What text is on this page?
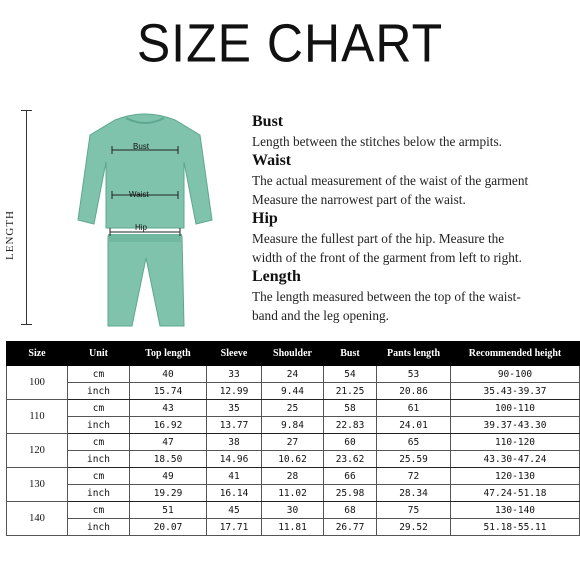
SIZE CHART
LENGTH
Bust
Waist
Hip
Bust
Length between the stitches below the armpits.
Waist
The actual measurement of the waist of the garment
Measure the narrowest part of the waist.
Hip
Measure the fullest part of the hip. Measure the
width of the front of the garment from left to right.
Length
The length measured between the top of the waist-
band and the leg opening.
Size	Unit	Top length	Sleeve	Shoulder	Bust	Pants length	Recommended height
100	cm	40	33	24	54	53	90-100
	inch	15.74	12.99	9.44	21.25	20.86	35.43-39.37
110	cm	43	35	25	58	61	100-110
	inch	16.92	13.77	9.84	22.83	24.01	39.37-43.30
120	cm	47	38	27	60	65	110-120
	inch	18.50	14.96	10.62	23.62	25.59	43.30-47.24
130	cm	49	41	28	66	72	120-130
	inch	19.29	16.14	11.02	25.98	28.34	47.24-51.18
140	cm	51	45	30	68	75	130-140
	inch	20.07	17.71	11.81	26.77	29.52	51.18-55.11
